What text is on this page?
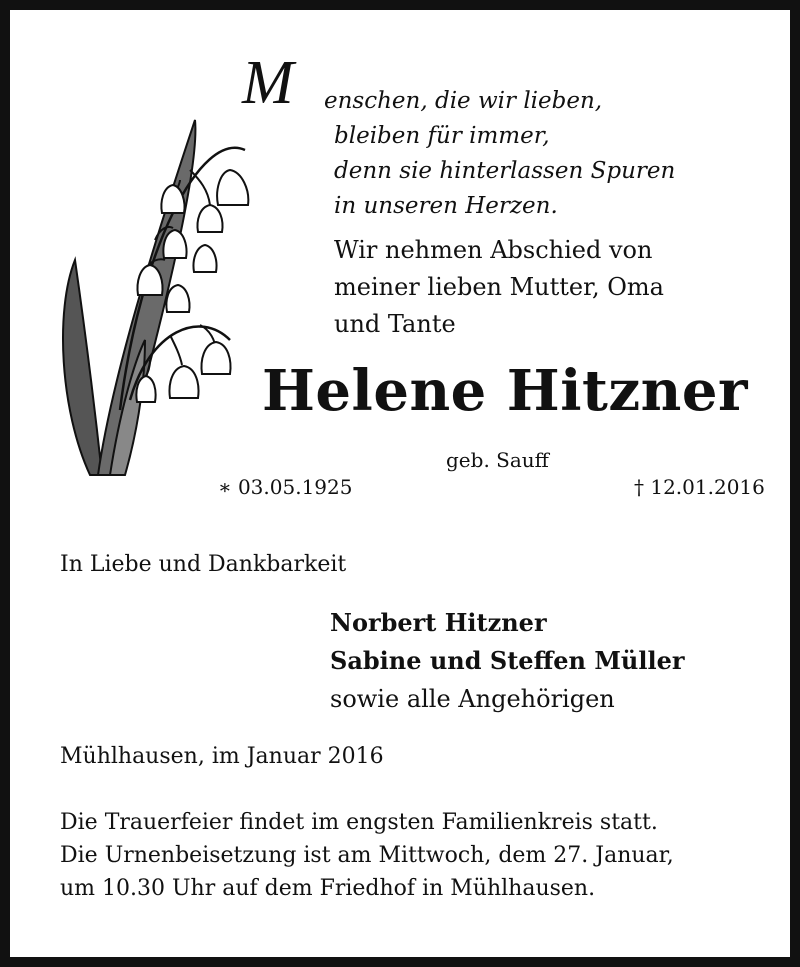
M enschen, die wir lieben,
bleiben für immer,
denn sie hinterlassen Spuren
in unseren Herzen.
Wir nehmen Abschied von
meiner lieben Mutter, Oma
und Tante
Helene Hitzner
geb. Sauff
∗ 03.05.1925	† 12.01.2016
In Liebe und Dankbarkeit
Norbert Hitzner
Sabine und Steffen Müller
sowie alle Angehörigen
Mühlhausen, im Januar 2016
Die Trauerfeier findet im engsten Familienkreis statt.
Die Urnenbeisetzung ist am Mittwoch, dem 27. Januar,
um 10.30 Uhr auf dem Friedhof in Mühlhausen.
